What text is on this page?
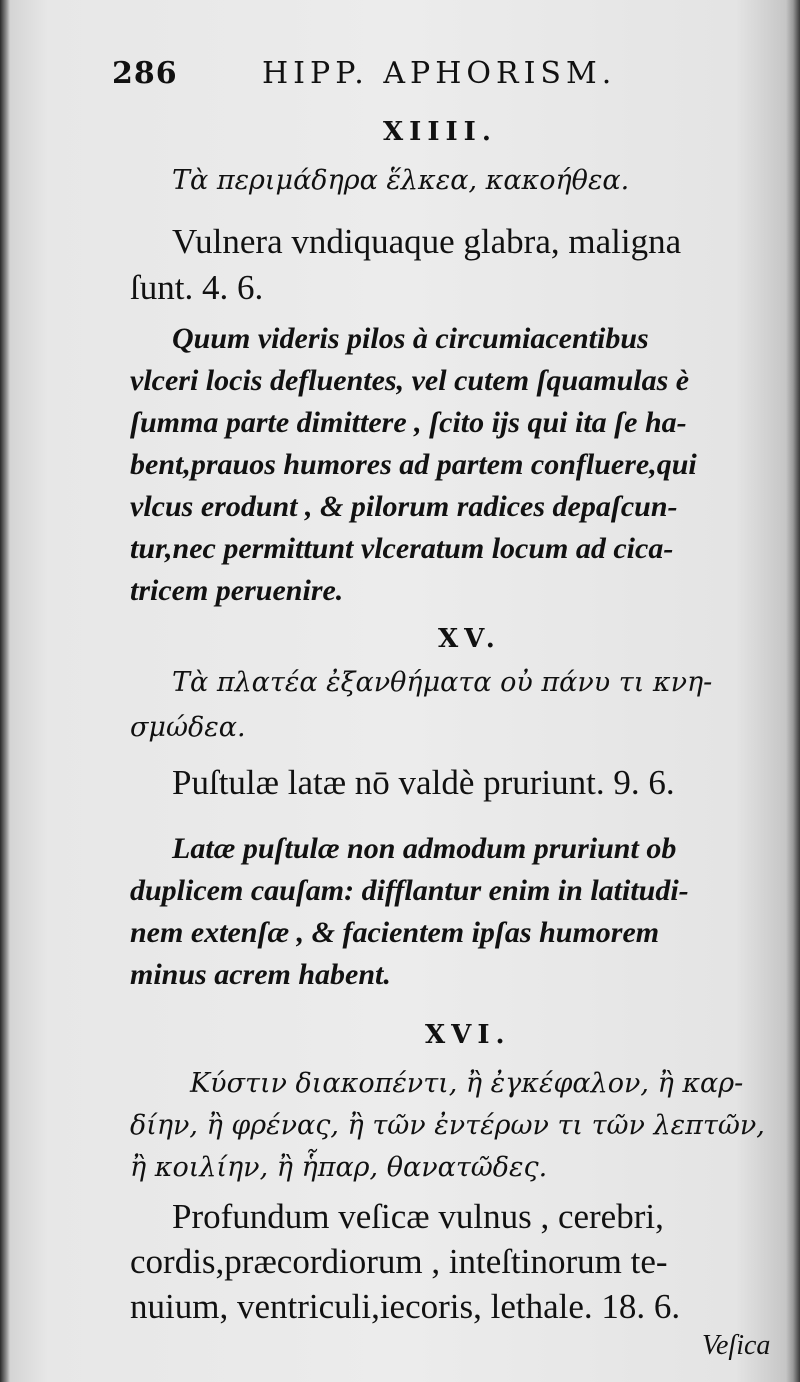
286	HIPP. APHORISM.
XIIII.
Τὰ περιμάδηρα ἕλκεα, κακοήθεα.
Vulnera vndiquaque glabra, maligna
ſunt. 4. 6.
Quum videris pilos à circumiacentibus
vlceri locis defluentes, vel cutem ſquamulas è
ſumma parte dimittere , ſcito ijs qui ita ſe ha-
bent,prauos humores ad partem confluere,qui
vlcus erodunt , & pilorum radices depaſcun-
tur,nec permittunt vlceratum locum ad cica-
tricem peruenire.
XV.
Τὰ πλατέα ἐξανθήματα οὐ πάνυ τι κνη-
σμώδεα.
Puſtulæ latæ nō valdè pruriunt. 9. 6.
Latæ puſtulæ non admodum pruriunt ob
duplicem cauſam: difflantur enim in latitudi-
nem extenſæ , & facientem ipſas humorem
minus acrem habent.
XVI.
Κύστιν διακοπέντι, ἢ ἐγκέφαλον, ἢ καρ-
δίην, ἢ φρένας, ἢ τῶν ἐντέρων τι τῶν λεπτῶν,
ἢ κοιλίην, ἢ ἧπαρ, θανατῶδες.
Profundum veſicæ vulnus , cerebri,
cordis,præcordiorum , inteſtinorum te-
nuium, ventriculi,iecoris, lethale. 18. 6.
Veſica
